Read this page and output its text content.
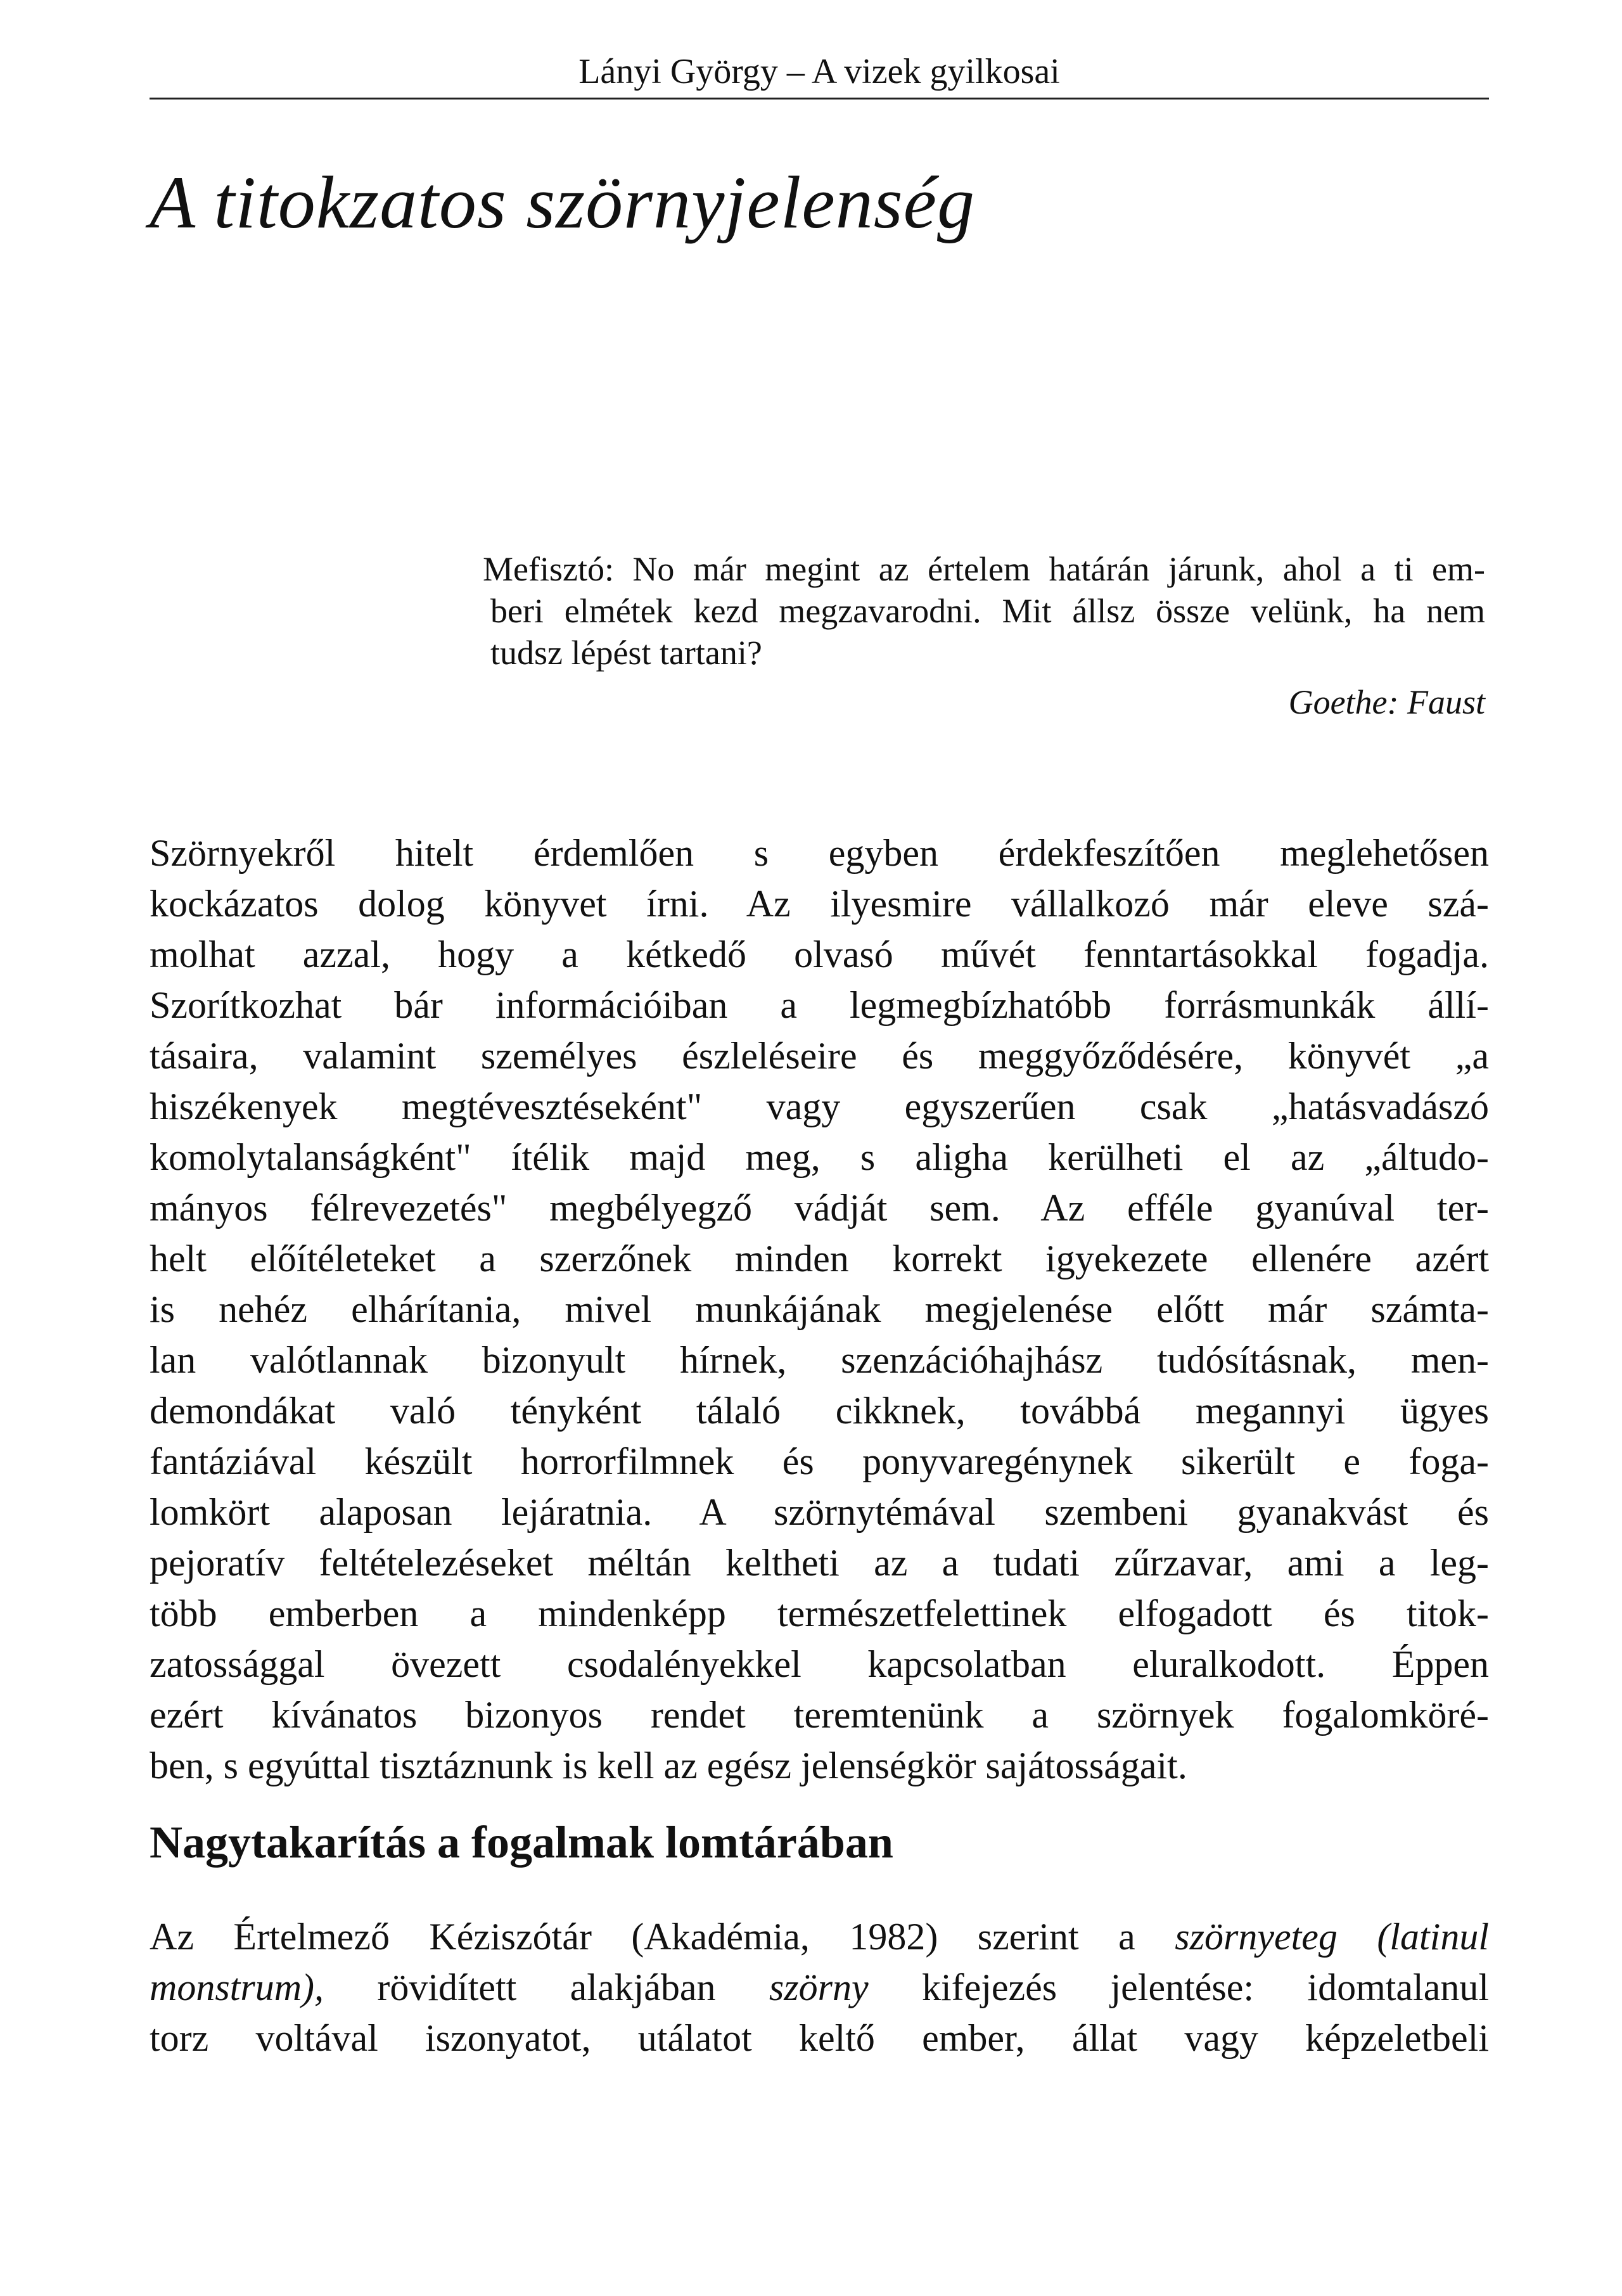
Lányi György – A vizek gyilkosai
A titokzatos szörnyjelenség

Mefisztó: No már megint az értelem határán járunk, ahol a ti em-

beri elmétek kezd megzavarodni. Mit állsz össze velünk, ha nem

tudsz lépést tartani?

Goethe: Faust

Szörnyekről hitelt érdemlően s egyben érdekfeszítően meglehetősen

kockázatos dolog könyvet írni. Az ilyesmire vállalkozó már eleve szá-

molhat azzal, hogy a kétkedő olvasó művét fenntartásokkal fogadja.

Szorítkozhat bár információiban a legmegbízhatóbb forrásmunkák állí-

tásaira, valamint személyes észleléseire és meggyőződésére, könyvét „a

hiszékenyek megtévesztéseként" vagy egyszerűen csak „hatásvadászó

komolytalanságként" ítélik majd meg, s aligha kerülheti el az „áltudo-

mányos félrevezetés" megbélyegző vádját sem. Az efféle gyanúval ter-

helt előítéleteket a szerzőnek minden korrekt igyekezete ellenére azért

is nehéz elhárítania, mivel munkájának megjelenése előtt már számta-

lan valótlannak bizonyult hírnek, szenzációhajhász tudósításnak, men-

demondákat való tényként tálaló cikknek, továbbá megannyi ügyes

fantáziával készült horrorfilmnek és ponyvaregénynek sikerült e foga-

lomkört alaposan lejáratnia. A szörnytémával szembeni gyanakvást és

pejoratív feltételezéseket méltán keltheti az a tudati zűrzavar, ami a leg-

több emberben a mindenképp természetfelettinek elfogadott és titok-

zatossággal övezett csodalényekkel kapcsolatban eluralkodott. Éppen

ezért kívánatos bizonyos rendet teremtenünk a szörnyek fogalomköré-

ben, s egyúttal tisztáznunk is kell az egész jelenségkör sajátosságait.

Nagytakarítás a fogalmak lomtárában

Az Értelmező Kéziszótár (Akadémia, 1982) szerint a szörnyeteg (latinul

monstrum), rövidített alakjában szörny kifejezés jelentése: idomtalanul

torz voltával iszonyatot, utálatot keltő ember, állat vagy képzeletbeli
